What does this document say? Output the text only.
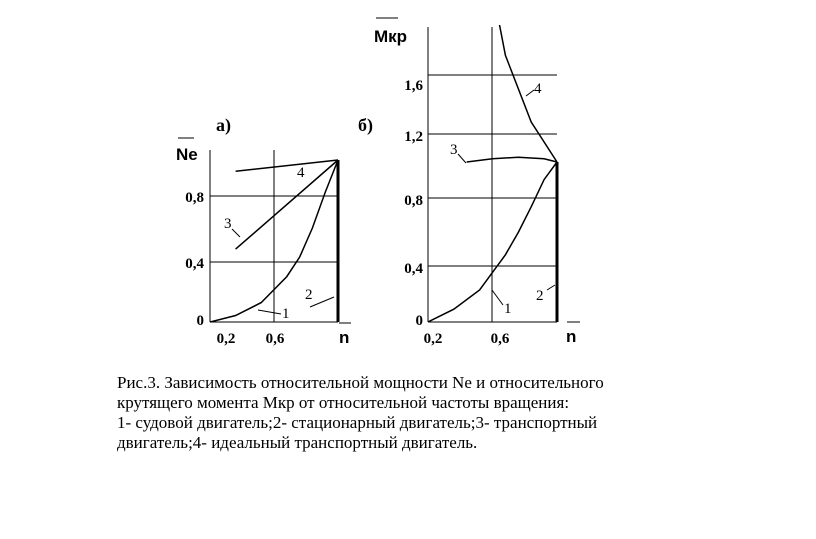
1
2
3
4
0
0,4
0,8
0,2 0,6
Ne
n
а)
1
2
3
4
0
0,4
0,8
1,2
1,6
0,2	0,6
Мкр
n
б)
Рис.3. Зависимость относительной мощности Ne и относительного
крутящего момента Мкр от относительной частоты вращения:
1- судовой двигатель;2- стационарный двигатель;3- транспортный
двигатель;4- идеальный транспортный двигатель.
